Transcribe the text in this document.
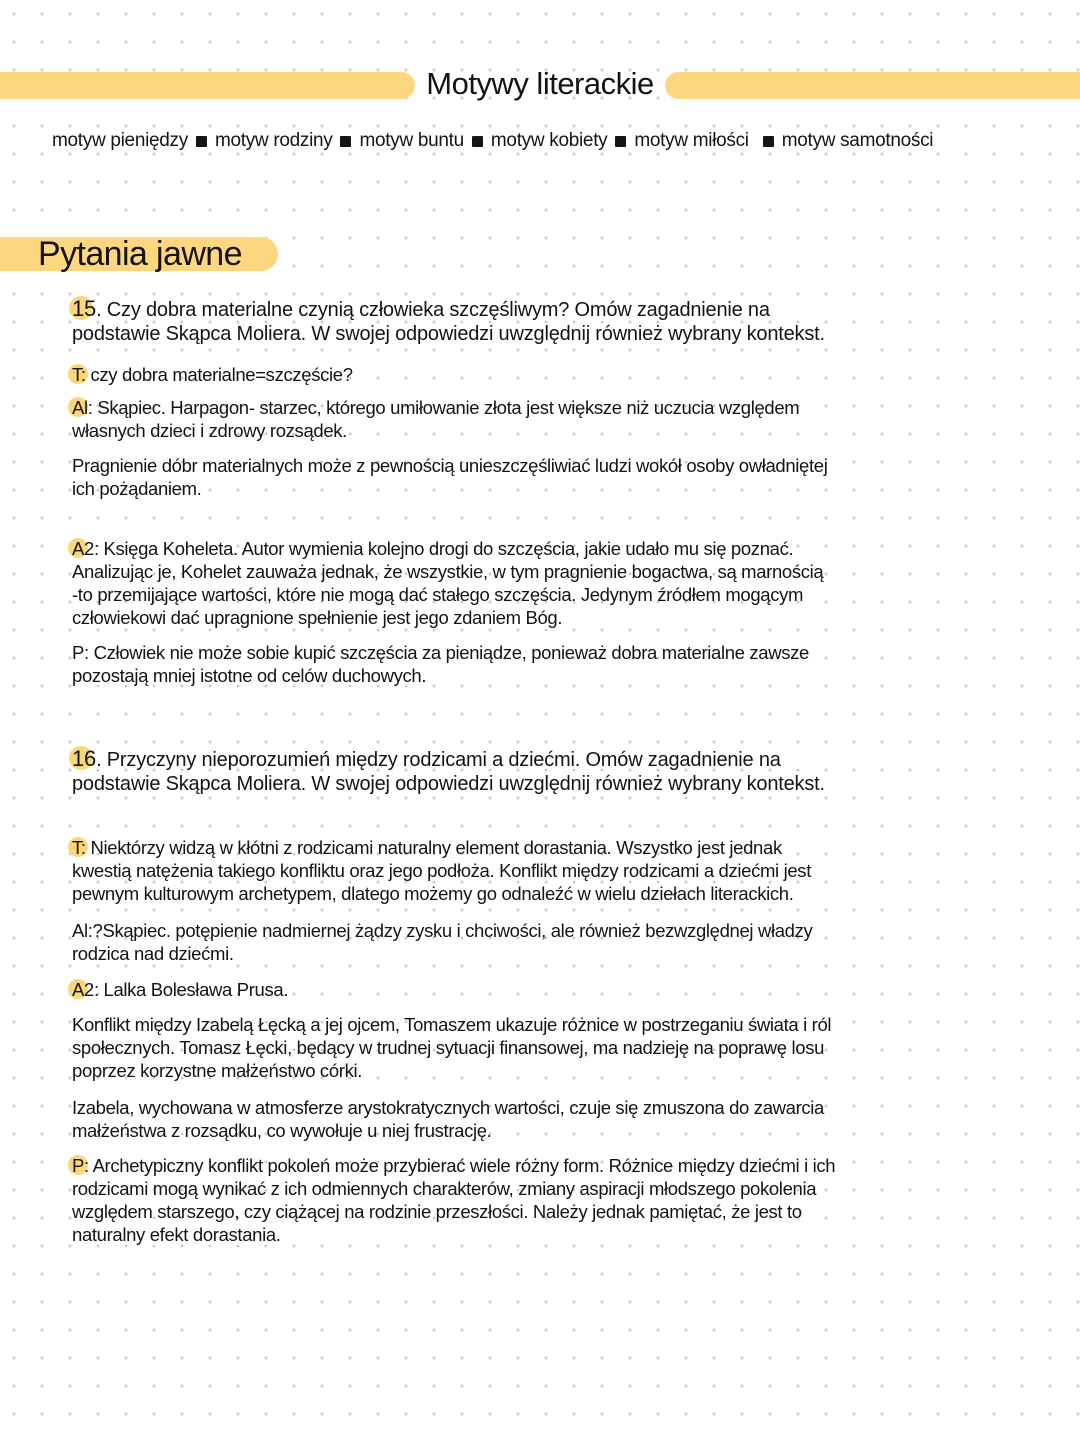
Motywy literackie
motyw pieniędzy motyw rodziny motyw buntu motyw kobiety motyw miłości motyw samotności
Pytania jawne
15. Czy dobra materialne czynią człowieka szczęśliwym? Omów zagadnienie na
podstawie Skąpca Moliera. W swojej odpowiedzi uwzględnij również wybrany kontekst.
T: czy dobra materialne=szczęście?
Al: Skąpiec. Harpagon- starzec, którego umiłowanie złota jest większe niż uczucia względem
własnych dzieci i zdrowy rozsądek.
Pragnienie dóbr materialnych może z pewnością unieszczęśliwiać ludzi wokół osoby owładniętej
ich pożądaniem.
A2: Księga Koheleta. Autor wymienia kolejno drogi do szczęścia, jakie udało mu się poznać.
Analizując je, Kohelet zauważa jednak, że wszystkie, w tym pragnienie bogactwa, są marnością
-to przemijające wartości, które nie mogą dać stałego szczęścia. Jedynym źródłem mogącym
człowiekowi dać upragnione spełnienie jest jego zdaniem Bóg.
P: Człowiek nie może sobie kupić szczęścia za pieniądze, ponieważ dobra materialne zawsze
pozostają mniej istotne od celów duchowych.
16. Przyczyny nieporozumień między rodzicami a dziećmi. Omów zagadnienie na
podstawie Skąpca Moliera. W swojej odpowiedzi uwzględnij również wybrany kontekst.
T: Niektórzy widzą w kłótni z rodzicami naturalny element dorastania. Wszystko jest jednak
kwestią natężenia takiego konfliktu oraz jego podłoża. Konflikt między rodzicami a dziećmi jest
pewnym kulturowym archetypem, dlatego możemy go odnaleźć w wielu dziełach literackich.
Al:?Skąpiec. potępienie nadmiernej żądzy zysku i chciwości, ale również bezwzględnej władzy
rodzica nad dziećmi.
A2: Lalka Bolesława Prusa.
Konflikt między Izabelą Łęcką a jej ojcem, Tomaszem ukazuje różnice w postrzeganiu świata i ról
społecznych. Tomasz Łęcki, będący w trudnej sytuacji finansowej, ma nadzieję na poprawę losu
poprzez korzystne małżeństwo córki.
Izabela, wychowana w atmosferze arystokratycznych wartości, czuje się zmuszona do zawarcia
małżeństwa z rozsądku, co wywołuje u niej frustrację.
P: Archetypiczny konflikt pokoleń może przybierać wiele różny form. Różnice między dziećmi i ich
rodzicami mogą wynikać z ich odmiennych charakterów, zmiany aspiracji młodszego pokolenia
względem starszego, czy ciążącej na rodzinie przeszłości. Należy jednak pamiętać, że jest to
naturalny efekt dorastania.
